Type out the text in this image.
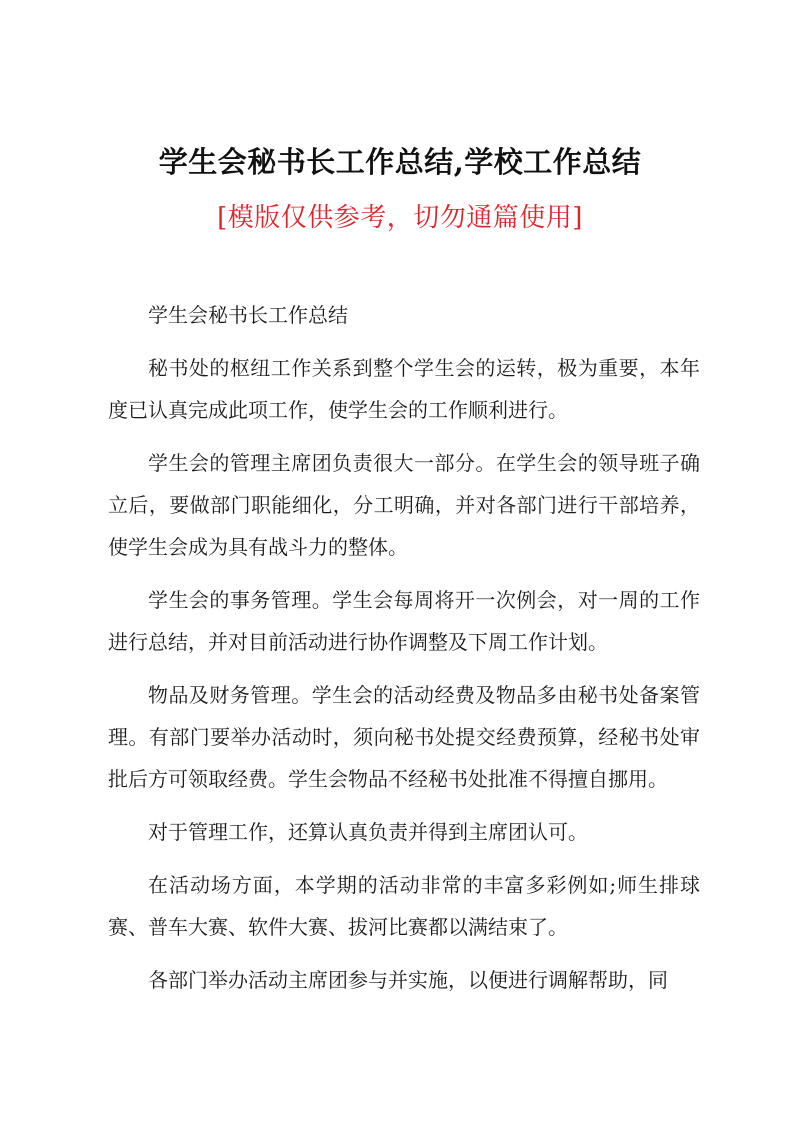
学生会秘书长工作总结,学校工作总结
[模版仅供参考，切勿通篇使用]

学生会秘书长工作总结

秘书处的枢纽工作关系到整个学生会的运转，极为重要，本年度已认真完成此项工作，使学生会的工作顺利进行。

学生会的管理主席团负责很大一部分。在学生会的领导班子确立后，要做部门职能细化，分工明确，并对各部门进行干部培养，使学生会成为具有战斗力的整体。

学生会的事务管理。学生会每周将开一次例会，对一周的工作进行总结，并对目前活动进行协作调整及下周工作计划。

物品及财务管理。学生会的活动经费及物品多由秘书处备案管理。有部门要举办活动时，须向秘书处提交经费预算，经秘书处审批后方可领取经费。学生会物品不经秘书处批准不得擅自挪用。

对于管理工作，还算认真负责并得到主席团认可。

在活动场方面，本学期的活动非常的丰富多彩例如;师生排球赛、普车大赛、软件大赛、拔河比赛都以满结束了。

各部门举办活动主席团参与并实施，以便进行调解帮助，同
